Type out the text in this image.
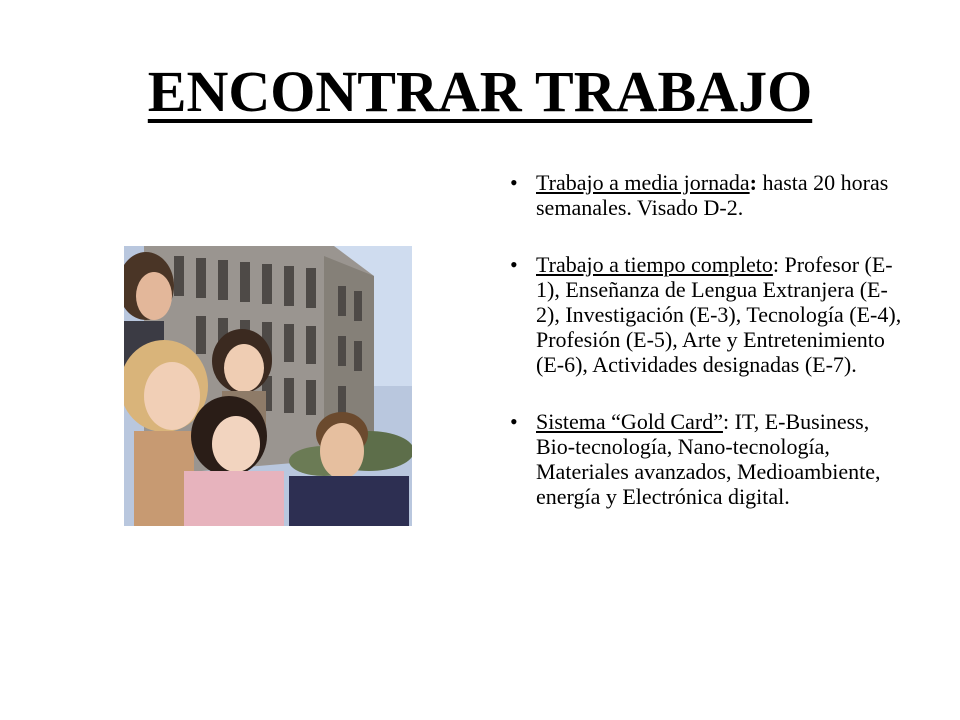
ENCONTRAR TRABAJO
• Trabajo a media jornada: hasta 20 horas semanales. Visado D-2.
• Trabajo a tiempo completo: Profesor (E-1), Enseñanza de Lengua Extranjera (E-2), Investigación (E-3), Tecnología (E-4), Profesión (E-5), Arte y Entretenimiento (E-6), Actividades designadas (E-7).
• Sistema “Gold Card”: IT, E-Business, Bio-tecnología, Nano-tecnología, Materiales avanzados, Medioambiente, energía y Electrónica digital.
